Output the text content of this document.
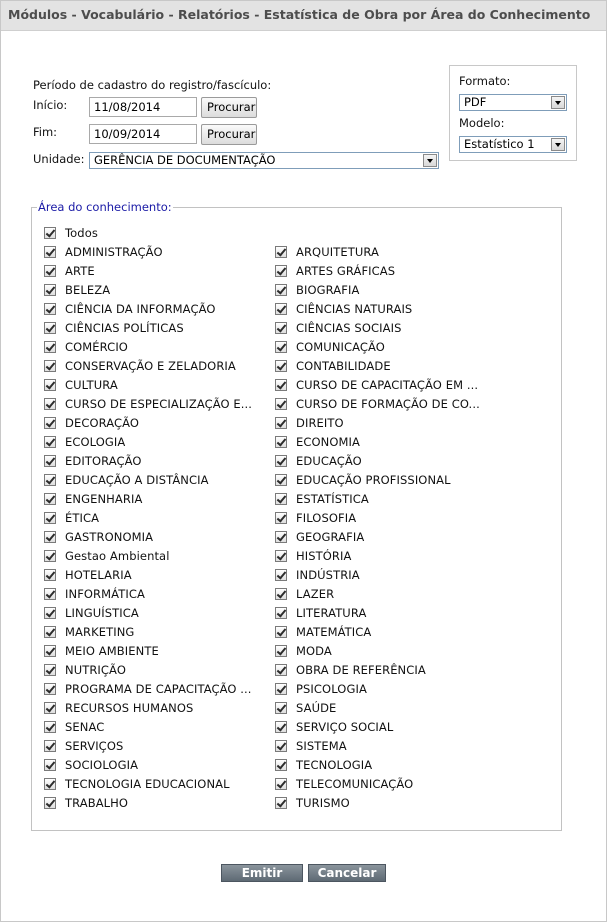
Módulos - Vocabulário - Relatórios - Estatística de Obra por Área do Conhecimento
Período de cadastro do registro/fascículo:
Início:
11/08/2014	Procurar
Fim:
10/09/2014	Procurar
Unidade: GERÊNCIA DE DOCUMENTAÇÃO
Formato:
PDF
Modelo:
Estatístico 1
Área do conhecimento:
Todos
ADMINISTRAÇÃO
ARTE
BELEZA
CIÊNCIA DA INFORMAÇÃO
CIÊNCIAS POLÍTICAS
COMÉRCIO
CONSERVAÇÃO E ZELADORIA
CULTURA
CURSO DE ESPECIALIZAÇÃO E...
DECORAÇÃO
ECOLOGIA
EDITORAÇÃO
EDUCAÇÃO A DISTÂNCIA
ENGENHARIA
ÉTICA
GASTRONOMIA
Gestao Ambiental
HOTELARIA
INFORMÁTICA
LINGUÍSTICA
MARKETING
MEIO AMBIENTE
NUTRIÇÃO
PROGRAMA DE CAPACITAÇÃO ...
RECURSOS HUMANOS
SENAC
SERVIÇOS
SOCIOLOGIA
TECNOLOGIA EDUCACIONAL
TRABALHO
ARQUITETURA
ARTES GRÁFICAS
BIOGRAFIA
CIÊNCIAS NATURAIS
CIÊNCIAS SOCIAIS
COMUNICAÇÃO
CONTABILIDADE
CURSO DE CAPACITAÇÃO EM ...
CURSO DE FORMAÇÃO DE CO...
DIREITO
ECONOMIA
EDUCAÇÃO
EDUCAÇÃO PROFISSIONAL
ESTATÍSTICA
FILOSOFIA
GEOGRAFIA
HISTÓRIA
INDÚSTRIA
LAZER
LITERATURA
MATEMÁTICA
MODA
OBRA DE REFERÊNCIA
PSICOLOGIA
SAÚDE
SERVIÇO SOCIAL
SISTEMA
TECNOLOGIA
TELECOMUNICAÇÃO
TURISMO
Emitir	Cancelar
